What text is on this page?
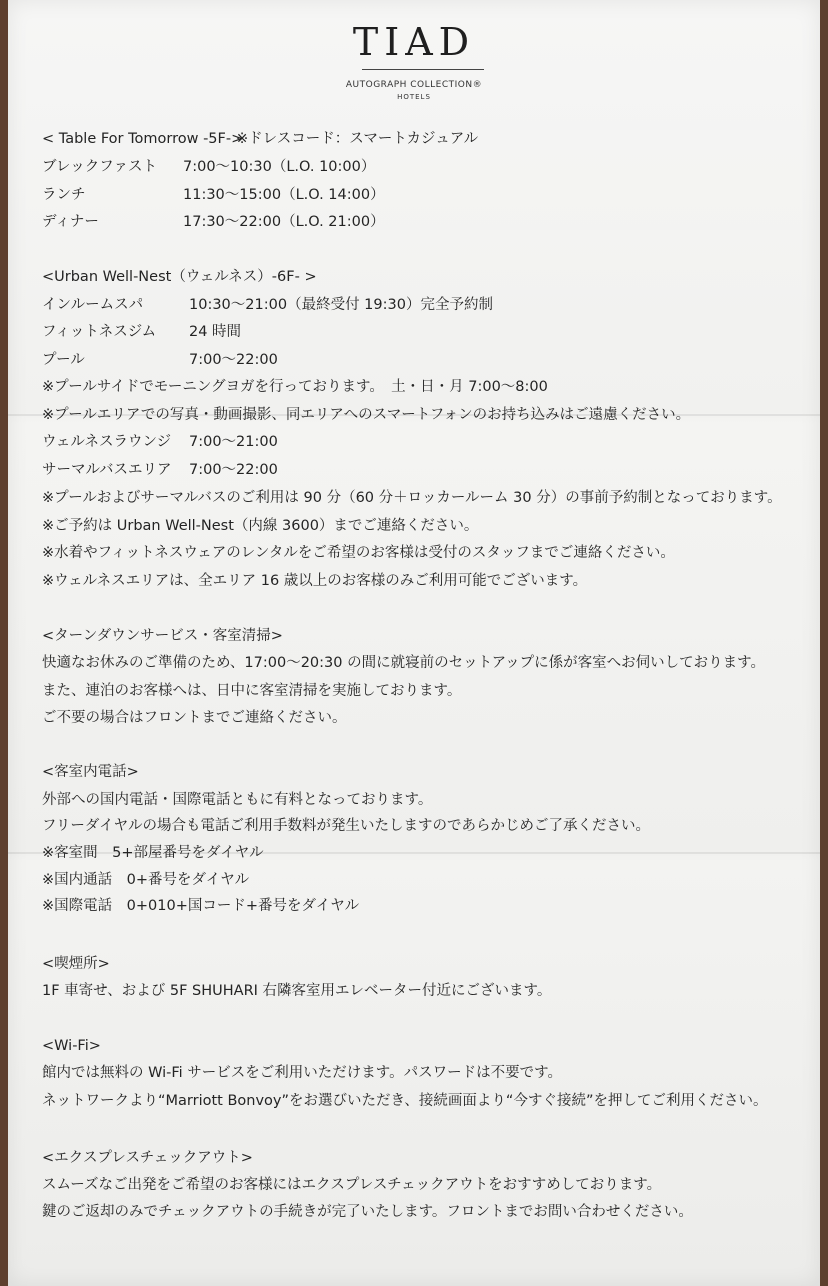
TIAD
AUTOGRAPH COLLECTION®
HOTELS
< Table For Tomorrow -5F->
※ドレスコード：スマートカジュアル
ブレックファスト 7:00～10:30（L.O. 10:00）
ランチ	11:30～15:00（L.O. 14:00）
ディナー	17:30～22:00（L.O. 21:00）
<Urban Well-Nest（ウェルネス）-6F- >
インルームスパ	10:30～21:00（最終受付 19:30）完全予約制
フィットネスジム 24 時間
プール	7:00～22:00
※プールサイドでモーニングヨガを行っております。　土・日・月 7:00～8:00
※プールエリアでの写真・動画撮影、同エリアへのスマートフォンのお持ち込みはご遠慮ください。
ウェルネスラウンジ 7:00～21:00
サーマルバスエリア 7:00～22:00
※プールおよびサーマルバスのご利用は 90 分（60 分＋ロッカールーム 30 分）の事前予約制となっております。
※ご予約は Urban Well-Nest（内線 3600）までご連絡ください。
※水着やフィットネスウェアのレンタルをご希望のお客様は受付のスタッフまでご連絡ください。
※ウェルネスエリアは、全エリア 16 歳以上のお客様のみご利用可能でございます。
<ターンダウンサービス・客室清掃>
快適なお休みのご準備のため、17:00～20:30 の間に就寝前のセットアップに係が客室へお伺いしております。
また、連泊のお客様へは、日中に客室清掃を実施しております。
ご不要の場合はフロントまでご連絡ください。
<客室内電話>
外部への国内電話・国際電話ともに有料となっております。
フリーダイヤルの場合も電話ご利用手数料が発生いたしますのであらかじめご了承ください。
※客室間　5+部屋番号をダイヤル
※国内通話　0+番号をダイヤル
※国際電話　0+010+国コード+番号をダイヤル
<喫煙所>
1F 車寄せ、および 5F SHUHARI 右隣客室用エレベーター付近にございます。
<Wi-Fi>
館内では無料の Wi-Fi サービスをご利用いただけます。パスワードは不要です。
ネットワークより“Marriott Bonvoy”をお選びいただき、接続画面より“今すぐ接続”を押してご利用ください。
<エクスプレスチェックアウト>
スムーズなご出発をご希望のお客様にはエクスプレスチェックアウトをおすすめしております。
鍵のご返却のみでチェックアウトの手続きが完了いたします。フロントまでお問い合わせください。
